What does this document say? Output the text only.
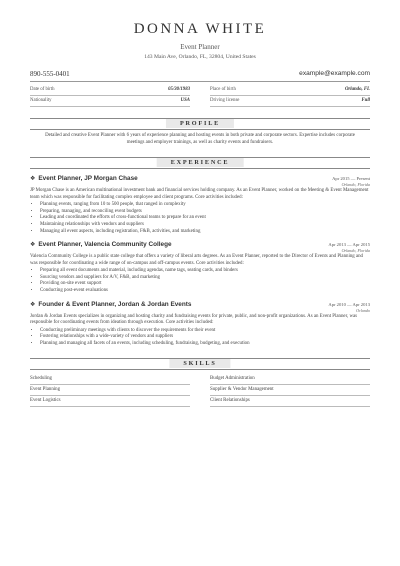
DONNA WHITE
Event Planner
143 Main Ave, Orlando, FL, 32804, United States
890-555-0401	example@example.com
Date of birth	05/30/1983	Place of birth	Orlando, FL
Nationality	USA	Driving license	Full
PROFILE
Detailed and creative Event Planner with 6 years of experience planning and hosting events in both private and corporate sectors. Expertise includes corporate meetings and employer trainings, as well as charity events and fundraisers.
EXPERIENCE
❖ Event Planner, JP Morgan Chase	Apr 2015 — Present
Orlando, Florida
JP Morgan Chase is an American multinational investment bank and financial services holding company. As an Event Planner, worked on the Meeting & Event Management team which was responsible for facilitating complex employee and client programs. Core activities included:
• Planning events, ranging from 10 to 500 people, that ranged in complexity
• Preparing, managing, and reconciling event budgets
• Leading and coordinated the efforts of cross-functional teams to prepare for an event
• Maintaining relationships with vendors and suppliers
• Managing all event aspects, including registration, F&B, activities, and marketing
❖ Event Planner, Valencia Community College	Apr 2013 — Apr 2015
Orlando, Florida
Valencia Community College is a public state college that offers a variety of liberal arts degrees. As an Event Planner, reported to the Director of Events and Planning and was responsible for coordinating a wide range of on-campus and off-campus events. Core activities included:
• Preparing all event documents and material, including agendas, name tags, seating cards, and binders
• Sourcing vendors and suppliers for A/V, F&B, and marketing
• Providing on-site event support
• Conducting post-event evaluations
❖ Founder & Event Planner, Jordan & Jordan Events	Apr 2010 — Apr 2013
Orlando
Jordan & Jordan Events specializes in organizing and hosting charity and fundraising events for private, public, and non-profit organizations. As an Event Planner, was responsible for coordinating events from ideation through execution. Core activities included:
• Conducting preliminary meetings with clients to discover the requirements for their event
• Fostering relationships with a wide-variety of vendors and suppliers
• Planning and managing all facets of an events, including scheduling, fundraising, budgeting, and execution
SKILLS
Scheduling	Budget Administration
Event Planning	Supplier & Vendor Management
Event Logistics	Client Relationships
